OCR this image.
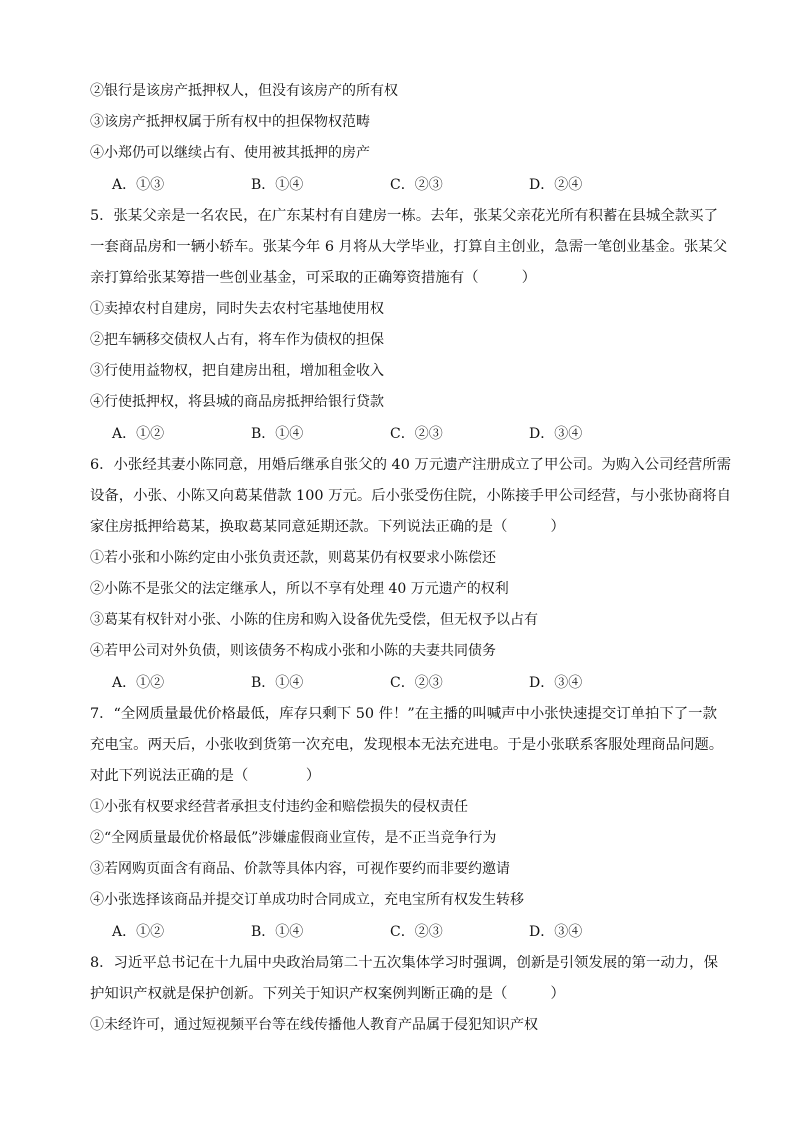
②银行是该房产抵押权人，但没有该房产的所有权
③该房产抵押权属于所有权中的担保物权范畴
④小郑仍可以继续占有、使用被其抵押的房产
A．①③	B．①④	C．②③	D．②④
5．张某父亲是一名农民，在广东某村有自建房一栋。去年，张某父亲花光所有积蓄在县城全款买了
一套商品房和一辆小轿车。张某今年 6 月将从大学毕业，打算自主创业，急需一笔创业基金。张某父
亲打算给张某筹措一些创业基金，可采取的正确筹资措施有（　　　）
①卖掉农村自建房，同时失去农村宅基地使用权
②把车辆移交债权人占有，将车作为债权的担保
③行使用益物权，把自建房出租，增加租金收入
④行使抵押权，将县城的商品房抵押给银行贷款
A．①②	B．①④	C．②③	D．③④
6．小张经其妻小陈同意，用婚后继承自张父的 40 万元遗产注册成立了甲公司。为购入公司经营所需
设备，小张、小陈又向葛某借款 100 万元。后小张受伤住院，小陈接手甲公司经营，与小张协商将自
家住房抵押给葛某，换取葛某同意延期还款。下列说法正确的是（　　　）
①若小张和小陈约定由小张负责还款，则葛某仍有权要求小陈偿还
②小陈不是张父的法定继承人，所以不享有处理 40 万元遗产的权利
③葛某有权针对小张、小陈的住房和购入设备优先受偿，但无权予以占有
④若甲公司对外负债，则该债务不构成小张和小陈的夫妻共同债务
A．①②	B．①④	C．②③	D．③④
7．“全网质量最优价格最低，库存只剩下 50 件！”在主播的叫喊声中小张快速提交订单拍下了一款
充电宝。两天后，小张收到货第一次充电，发现根本无法充进电。于是小张联系客服处理商品问题。
对此下列说法正确的是（　　　　）
①小张有权要求经营者承担支付违约金和赔偿损失的侵权责任
②“全网质量最优价格最低”涉嫌虚假商业宣传，是不正当竞争行为
③若网购页面含有商品、价款等具体内容，可视作要约而非要约邀请
④小张选择该商品并提交订单成功时合同成立，充电宝所有权发生转移
A．①②	B．①④	C．②③	D．③④
8．习近平总书记在十九届中央政治局第二十五次集体学习时强调，创新是引领发展的第一动力，保
护知识产权就是保护创新。下列关于知识产权案例判断正确的是（　　　）
①未经许可，通过短视频平台等在线传播他人教育产品属于侵犯知识产权
